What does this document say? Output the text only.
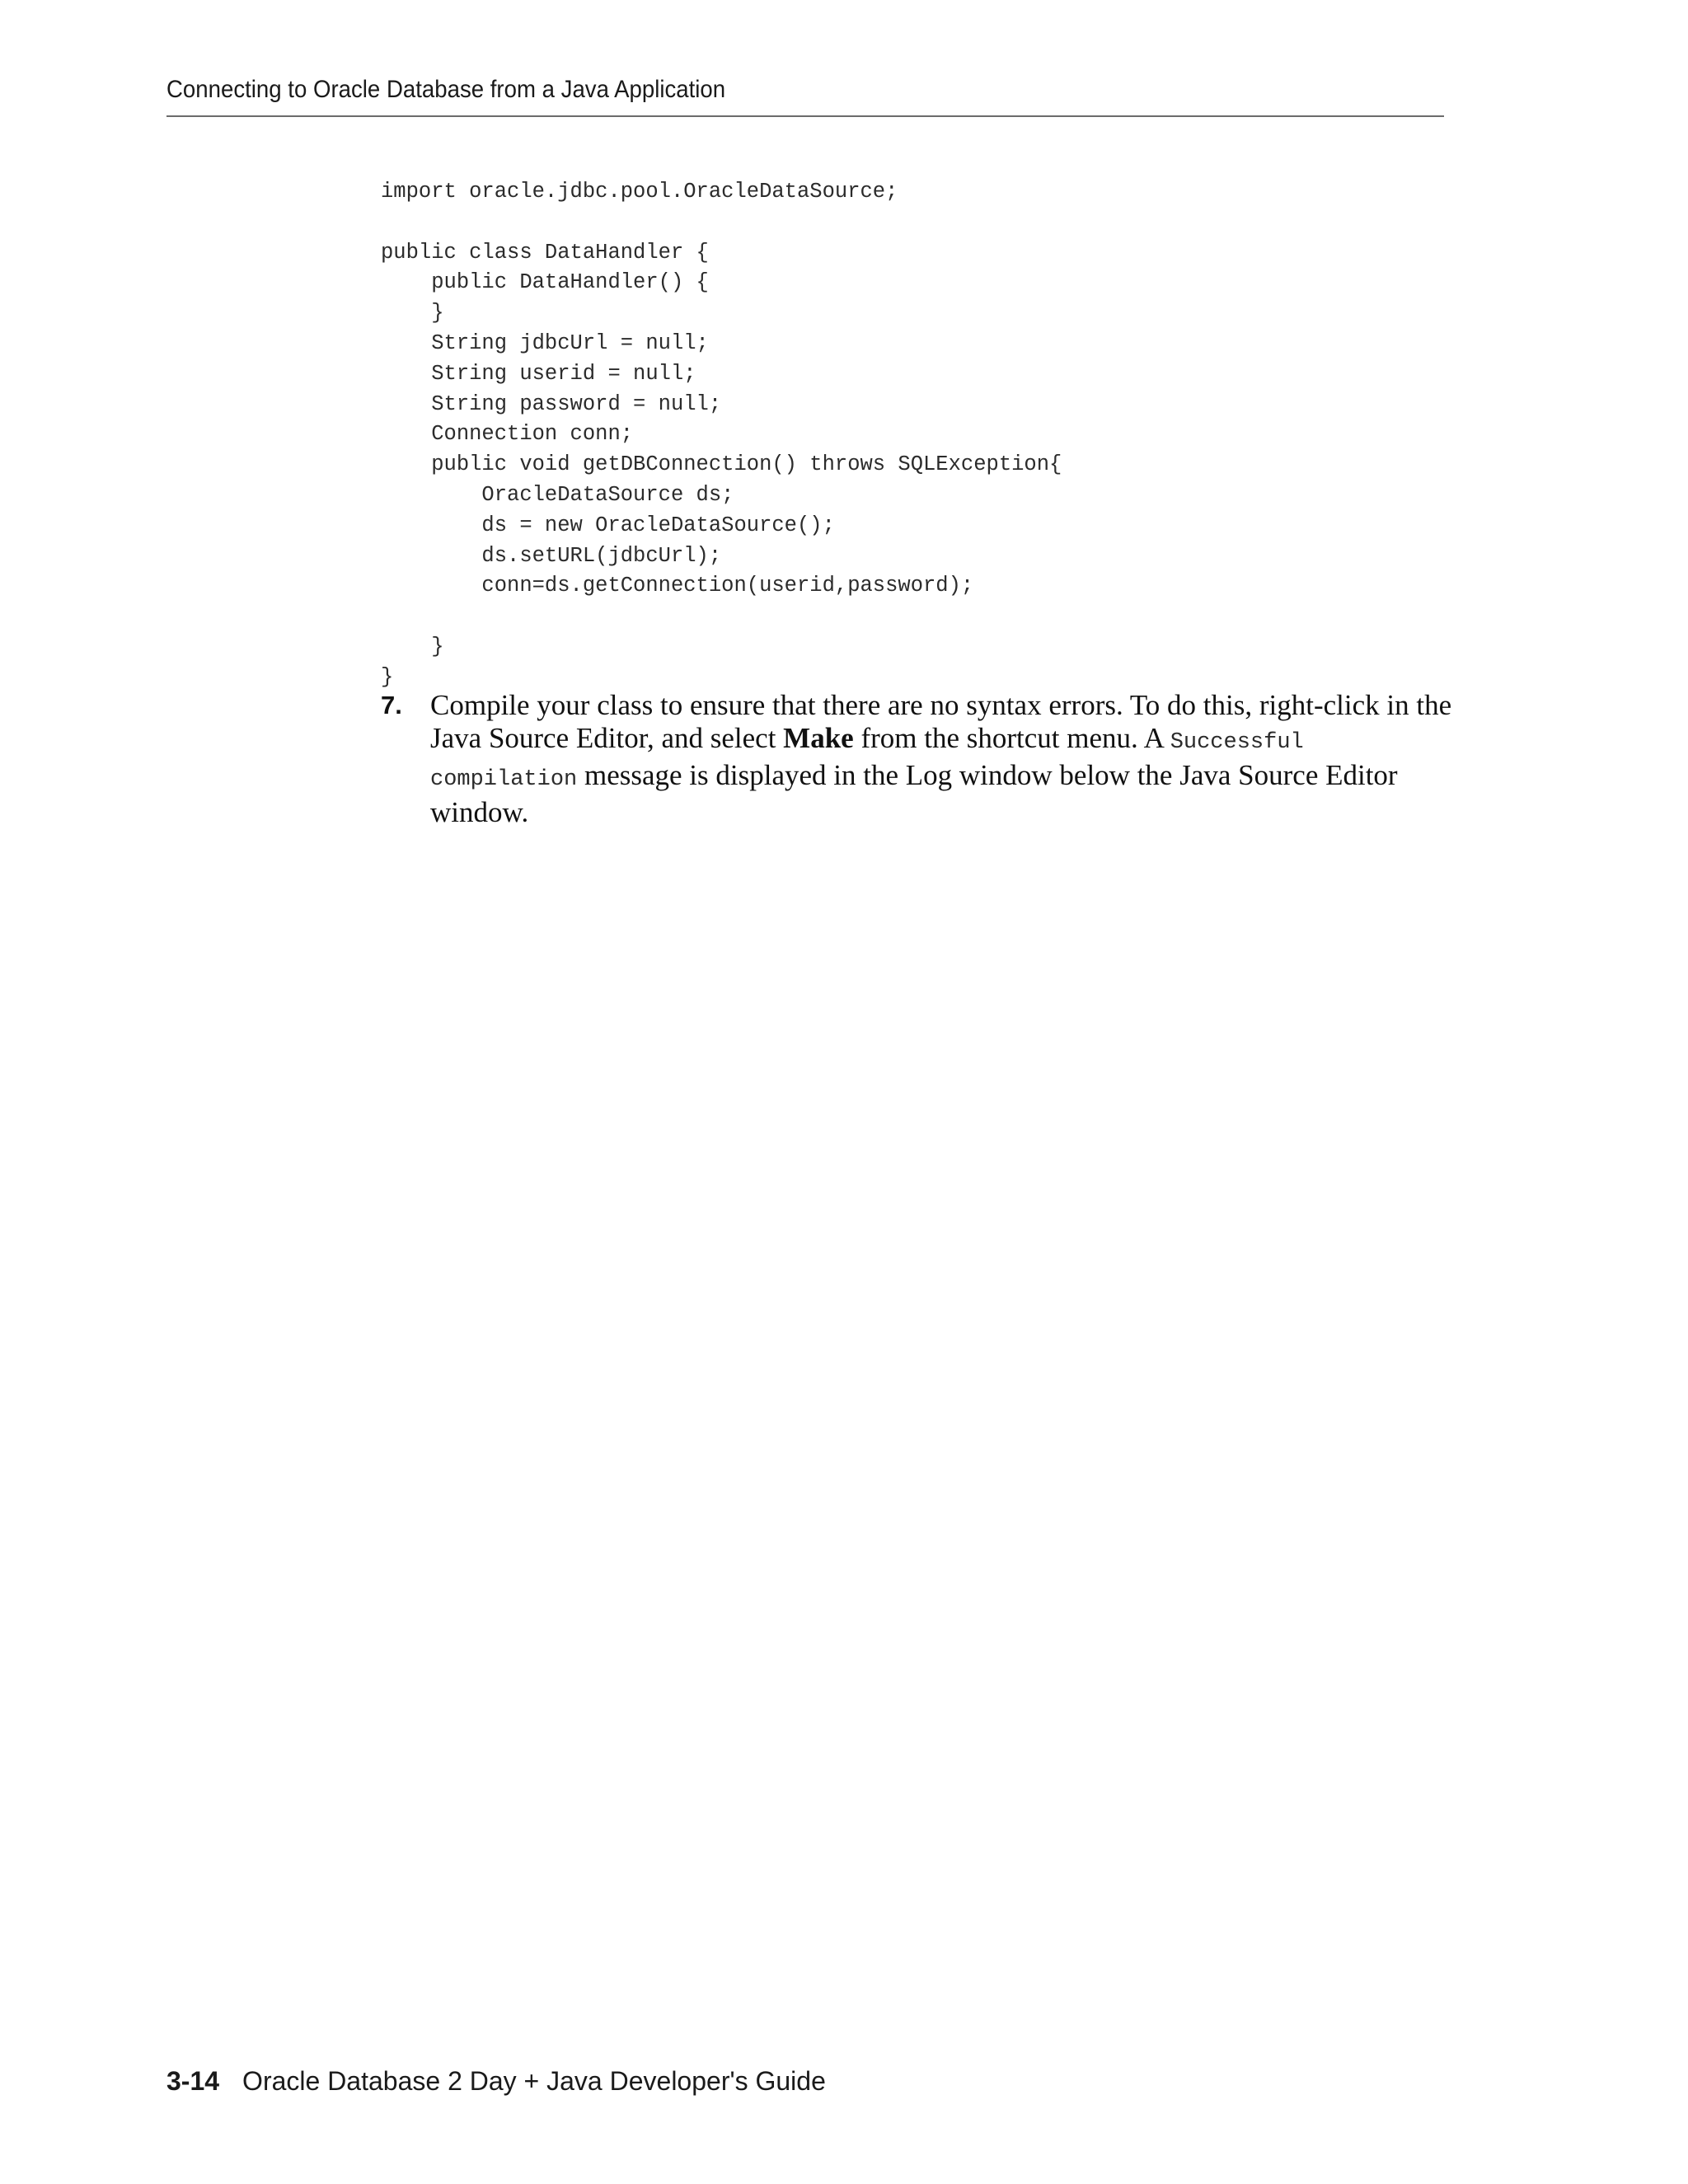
Connecting to Oracle Database from a Java Application
import oracle.jdbc.pool.OracleDataSource;

public class DataHandler {
public DataHandler() {
}
String jdbcUrl = null;
String userid = null;
String password = null;
Connection conn;
public void getDBConnection() throws SQLException{
OracleDataSource ds;
ds = new OracleDataSource();
ds.setURL(jdbcUrl);
conn=ds.getConnection(userid,password);

}
}
7. Compile your class to ensure that there are no syntax errors. To do this, right-click in the Java Source Editor, and select Make from the shortcut menu. A Successful compilation message is displayed in the Log window below the Java Source Editor window.
3-14 Oracle Database 2 Day + Java Developer's Guide
